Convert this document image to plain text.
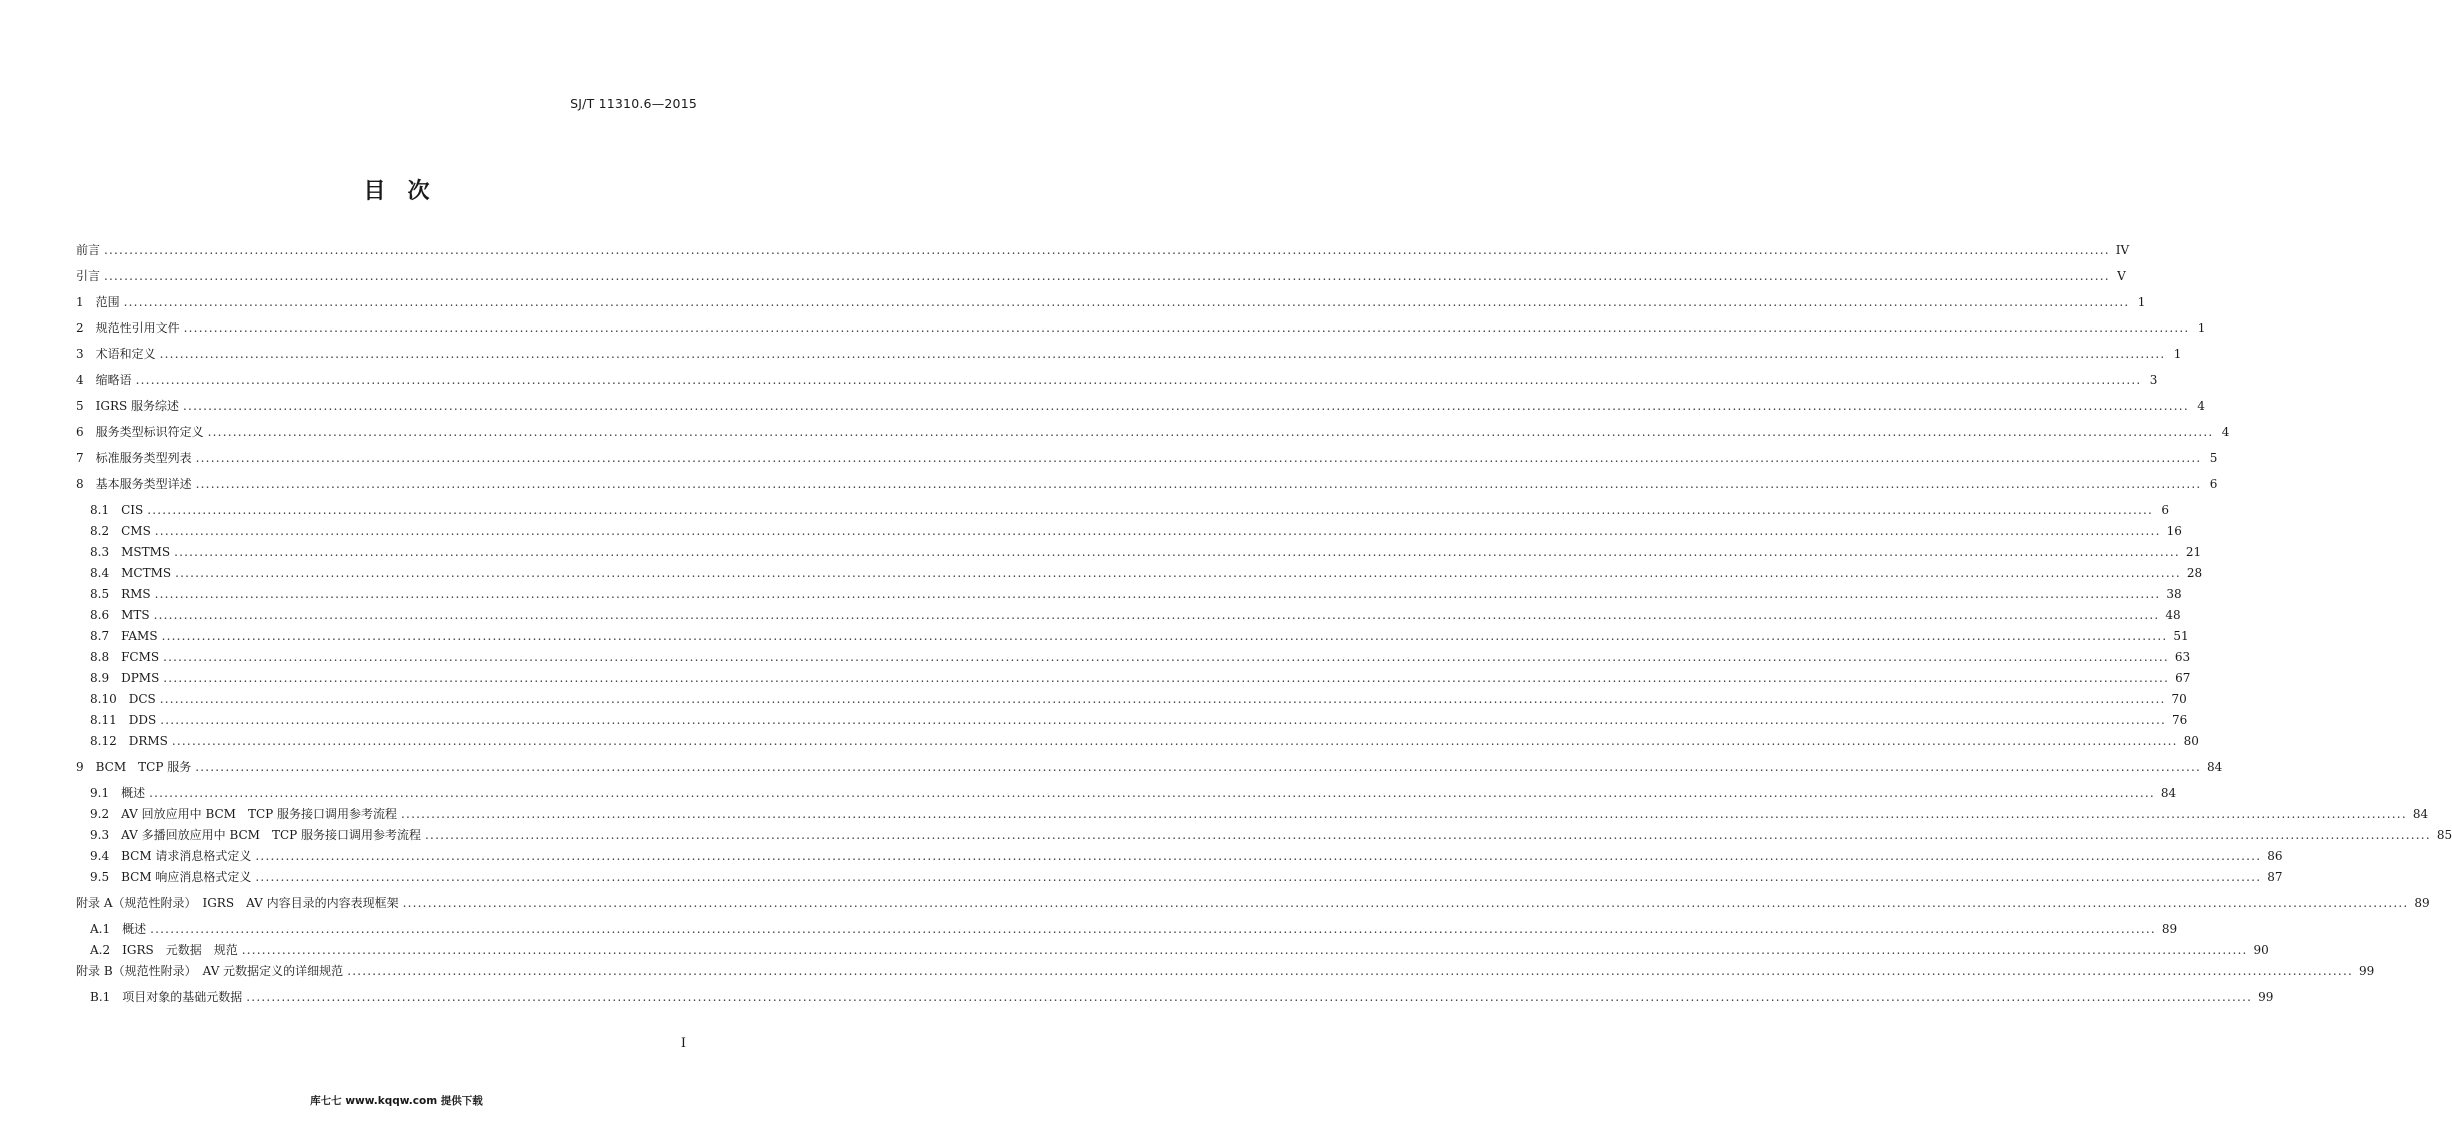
SJ/T 11310.6—2015
目　次
前言 ................................................................................................................................................................................................................................................................................................................................................................................................................ IV
引言 ................................................................................................................................................................................................................................................................................................................................................................................................................ V
1 范围 ................................................................................................................................................................................................................................................................................................................................................................................................................ 1
2 规范性引用文件 ................................................................................................................................................................................................................................................................................................................................................................................................................ 1
3 术语和定义 ................................................................................................................................................................................................................................................................................................................................................................................................................ 1
4 缩略语 ................................................................................................................................................................................................................................................................................................................................................................................................................ 3
5 IGRS 服务综述 ................................................................................................................................................................................................................................................................................................................................................................................................................ 4
6 服务类型标识符定义 ................................................................................................................................................................................................................................................................................................................................................................................................................ 4
7 标准服务类型列表 ................................................................................................................................................................................................................................................................................................................................................................................................................ 5
8 基本服务类型详述 ................................................................................................................................................................................................................................................................................................................................................................................................................ 6
8.1 CIS ................................................................................................................................................................................................................................................................................................................................................................................................................ 6
8.2 CMS ................................................................................................................................................................................................................................................................................................................................................................................................................ 16
8.3 MSTMS ................................................................................................................................................................................................................................................................................................................................................................................................................ 21
8.4 MCTMS ................................................................................................................................................................................................................................................................................................................................................................................................................ 28
8.5 RMS ................................................................................................................................................................................................................................................................................................................................................................................................................ 38
8.6 MTS ................................................................................................................................................................................................................................................................................................................................................................................................................ 48
8.7 FAMS ................................................................................................................................................................................................................................................................................................................................................................................................................ 51
8.8 FCMS ................................................................................................................................................................................................................................................................................................................................................................................................................ 63
8.9 DPMS ................................................................................................................................................................................................................................................................................................................................................................................................................ 67
8.10 DCS ................................................................................................................................................................................................................................................................................................................................................................................................................ 70
8.11 DDS ................................................................................................................................................................................................................................................................................................................................................................................................................ 76
8.12 DRMS ................................................................................................................................................................................................................................................................................................................................................................................................................ 80
9 BCM　TCP 服务 ................................................................................................................................................................................................................................................................................................................................................................................................................ 84
9.1 概述 ................................................................................................................................................................................................................................................................................................................................................................................................................ 84
9.2 AV 回放应用中 BCM　TCP 服务接口调用参考流程 ................................................................................................................................................................................................................................................................................................................................................................................................................ 84
9.3 AV 多播回放应用中 BCM　TCP 服务接口调用参考流程 ................................................................................................................................................................................................................................................................................................................................................................................................................ 85
9.4 BCM 请求消息格式定义 ................................................................................................................................................................................................................................................................................................................................................................................................................ 86
9.5 BCM 响应消息格式定义 ................................................................................................................................................................................................................................................................................................................................................................................................................ 87
附录 A（规范性附录）　IGRS　AV 内容目录的内容表现框架 ................................................................................................................................................................................................................................................................................................................................................................................................................ 89
A.1 概述 ................................................................................................................................................................................................................................................................................................................................................................................................................ 89
A.2 IGRS　元数据　规范 ................................................................................................................................................................................................................................................................................................................................................................................................................ 90
附录 B（规范性附录）　AV 元数据定义的详细规范 ................................................................................................................................................................................................................................................................................................................................................................................................................ 99
B.1 项目对象的基础元数据 ................................................................................................................................................................................................................................................................................................................................................................................................................ 99
I
库七七 www.kqqw.com 提供下载
